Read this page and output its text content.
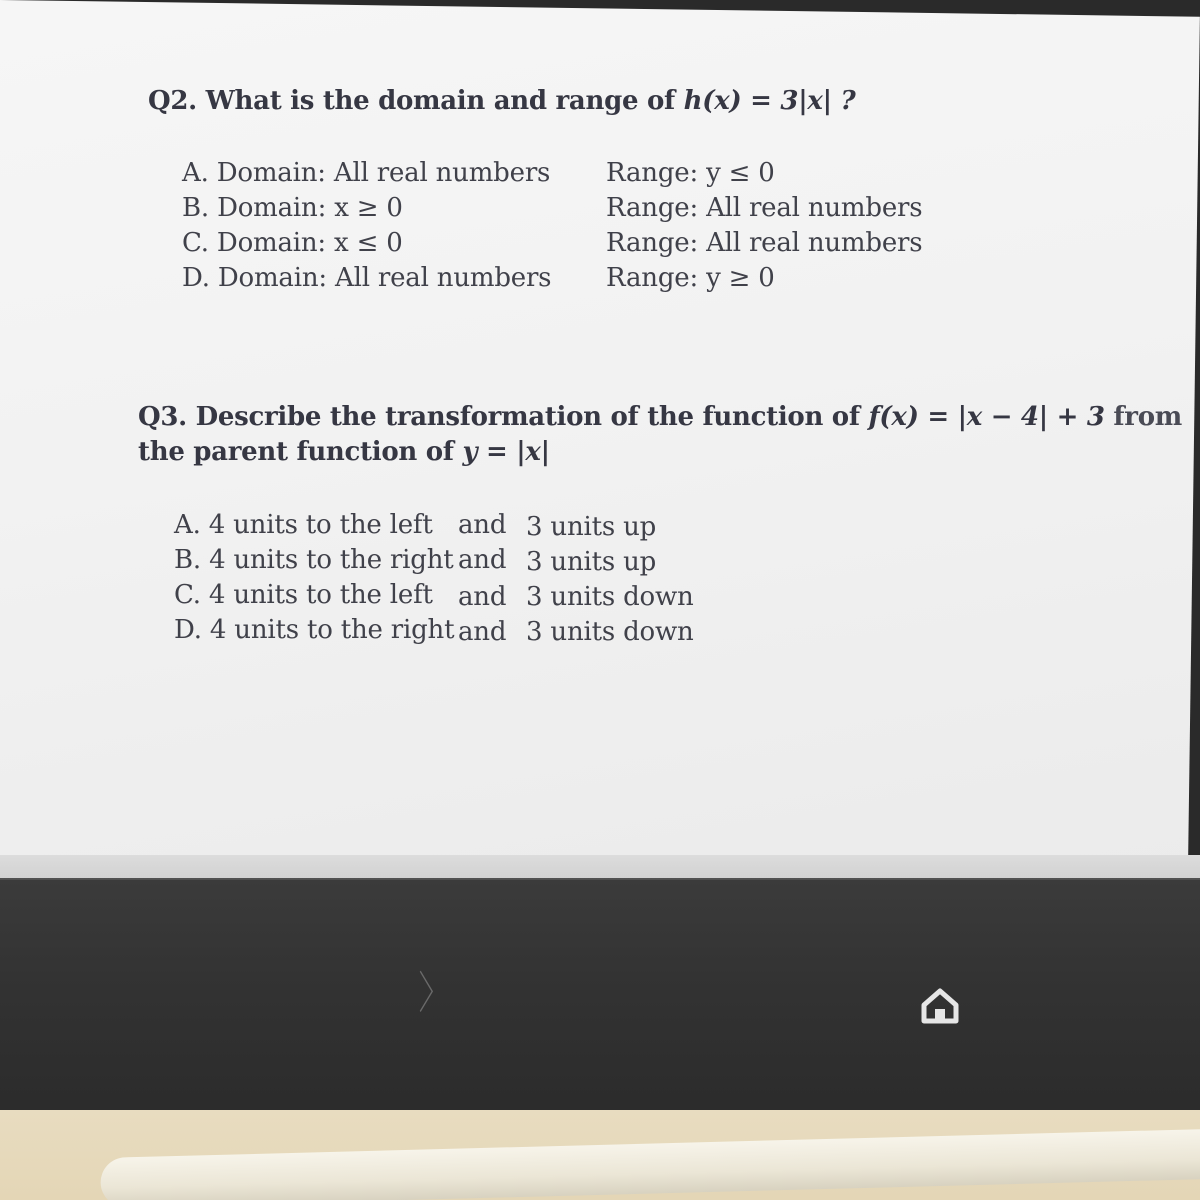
Q2. What is the domain and range of h(x) = 3|x| ?
A. Domain: All real numbers Range: y ≤ 0
B. Domain: x ≥ 0	Range: All real numbers
C. Domain: x ≤ 0	Range: All real numbers
D. Domain: All real numbers Range: y ≥ 0
Q3. Describe the transformation of the function of f(x) = |x − 4| + 3 from
the parent function of y = |x|
A. 4 units to the left and 3 units up
B. 4 units to the right and 3 units up
C. 4 units to the left and 3 units down
D. 4 units to the right and 3 units down
〉
